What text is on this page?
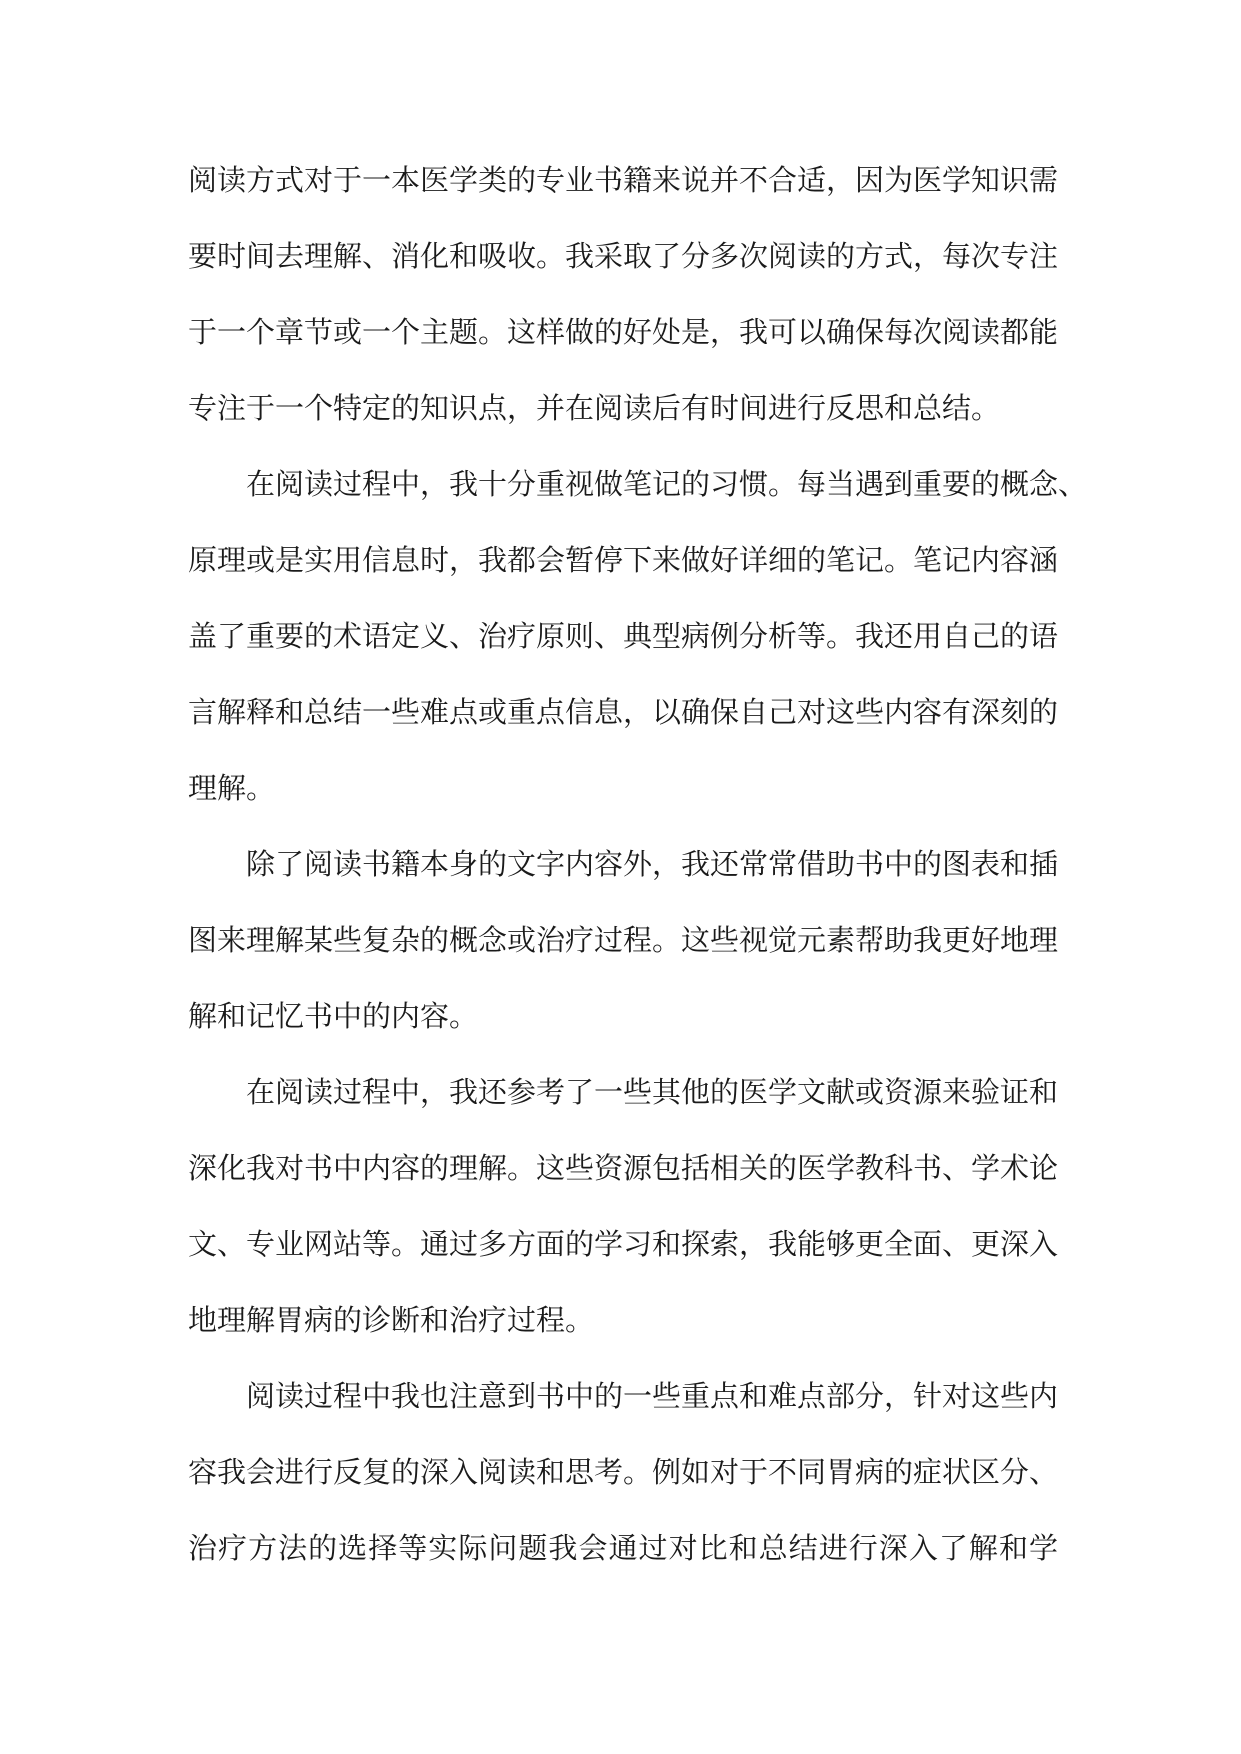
阅读方式对于一本医学类的专业书籍来说并不合适，因为医学知识需
要时间去理解、消化和吸收。我采取了分多次阅读的方式，每次专注
于一个章节或一个主题。这样做的好处是，我可以确保每次阅读都能
专注于一个特定的知识点，并在阅读后有时间进行反思和总结。
在阅读过程中，我十分重视做笔记的习惯。每当遇到重要的概念、
原理或是实用信息时，我都会暂停下来做好详细的笔记。笔记内容涵
盖了重要的术语定义、治疗原则、典型病例分析等。我还用自己的语
言解释和总结一些难点或重点信息，以确保自己对这些内容有深刻的
理解。
除了阅读书籍本身的文字内容外，我还常常借助书中的图表和插
图来理解某些复杂的概念或治疗过程。这些视觉元素帮助我更好地理
解和记忆书中的内容。
在阅读过程中，我还参考了一些其他的医学文献或资源来验证和
深化我对书中内容的理解。这些资源包括相关的医学教科书、学术论
文、专业网站等。通过多方面的学习和探索，我能够更全面、更深入
地理解胃病的诊断和治疗过程。
阅读过程中我也注意到书中的一些重点和难点部分，针对这些内
容我会进行反复的深入阅读和思考。例如对于不同胃病的症状区分、
治疗方法的选择等实际问题我会通过对比和总结进行深入了解和学
